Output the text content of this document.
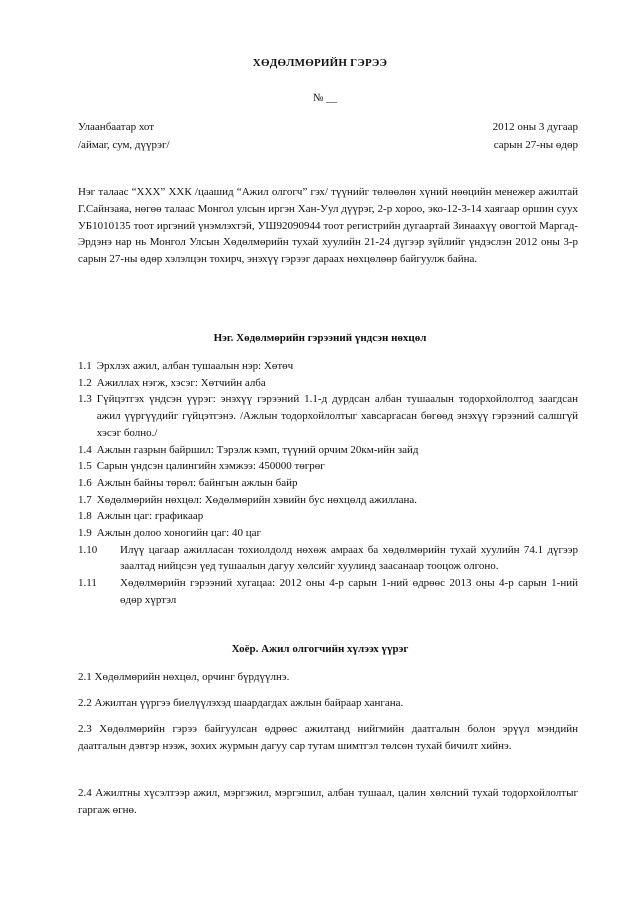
ХӨДӨЛМӨРИЙН ГЭРЭЭ
№ __
Улаанбаатар хот
/аймаг, сум, дүүрэг/
2012 оны 3 дугаар
сарын 27-ны өдөр
Нэг талаас “ХХХ” ХХК /цаашид “Ажил олгогч” гэх/ түүнийг төлөөлөн хүний нөөцийн менежер ажилтай Г.Сайнзаяа, нөгөө талаас Монгол улсын иргэн Хан-Уул дүүрэг, 2-р хороо, эко-12-3-14 хаягаар оршин суух УБ1010135 тоот иргэний үнэмлэхтэй, УШ92090944 тоот регистрийн дугаартай Зинаахүү овогтой Маргад-Эрдэнэ нар нь Монгол Улсын Хөдөлмөрийн тухай хуулийн 21-24 дүгээр зүйлийг үндэслэн 2012 оны 3-р сарын 27-ны өдөр хэлэлцэн тохирч, энэхүү гэрээг дараах нөхцөлөөр байгуулж байна.
Нэг. Хөдөлмөрийн гэрээний үндсэн нөхцөл
1.1
Эрхлэх ажил, албан тушаалын нэр: Хөтөч
1.2
Ажиллах нэгж, хэсэг: Хөтчийн алба
1.3
Гүйцэтгэх үндсэн үүрэг: энэхүү гэрээний 1.1-д дурдсан албан тушаалын тодорхойлолтод заагдсан ажил үүргүүдийг гүйцэтгэнэ. /Ажлын тодорхойлолтыг хавсаргасан бөгөөд энэхүү гэрээний салшгүй хэсэг болно./
1.4
Ажлын газрын байршил: Тэрэлж кэмп, түүний орчим 20км-ийн зайд
1.5
Сарын үндсэн цалингийн хэмжээ: 450000 төгрөг
1.6
Ажлын байны төрөл: байнгын ажлын байр
1.7
Хөдөлмөрийн нөхцөл: Хөдөлмөрийн хэвийн бус нөхцөлд ажиллана.
1.8
Ажлын цаг: графикаар
1.9
Ажлын долоо хоногийн цаг: 40 цаг
1.10	Илүү цагаар ажилласан тохиолдолд нөхөж амраах ба хөдөлмөрийн тухай хуулийн 74.1 дүгээр заалтад нийцсэн үед тушаалын дагуу хөлсийг хуулинд заасанаар тооцож олгоно.
1.11	Хөдөлмөрийн гэрээний хугацаа: 2012 оны 4-р сарын 1-ний өдрөөс 2013 оны 4-р сарын 1-ний өдөр хүртэл
Хоёр. Ажил олгогчийн хүлээх үүрэг
2.1 Хөдөлмөрийн нөхцөл, орчинг бүрдүүлнэ.
2.2 Ажилтан үүргээ биелүүлэхэд шаардагдах ажлын байраар хангана.
2.3 Хөдөлмөрийн гэрээ байгуулсан өдрөөс ажилтанд нийгмийн даатгалын болон эрүүл мэндийн даатгалын дэвтэр нээж, зохих журмын дагуу сар тутам шимтгэл төлсөн тухай бичилт хийнэ.
2.4 Ажилтны хүсэлтээр ажил, мэргэжил, мэргэшил, албан тушаал, цалин хөлсний тухай тодорхойлолтыг гаргаж өгнө.
